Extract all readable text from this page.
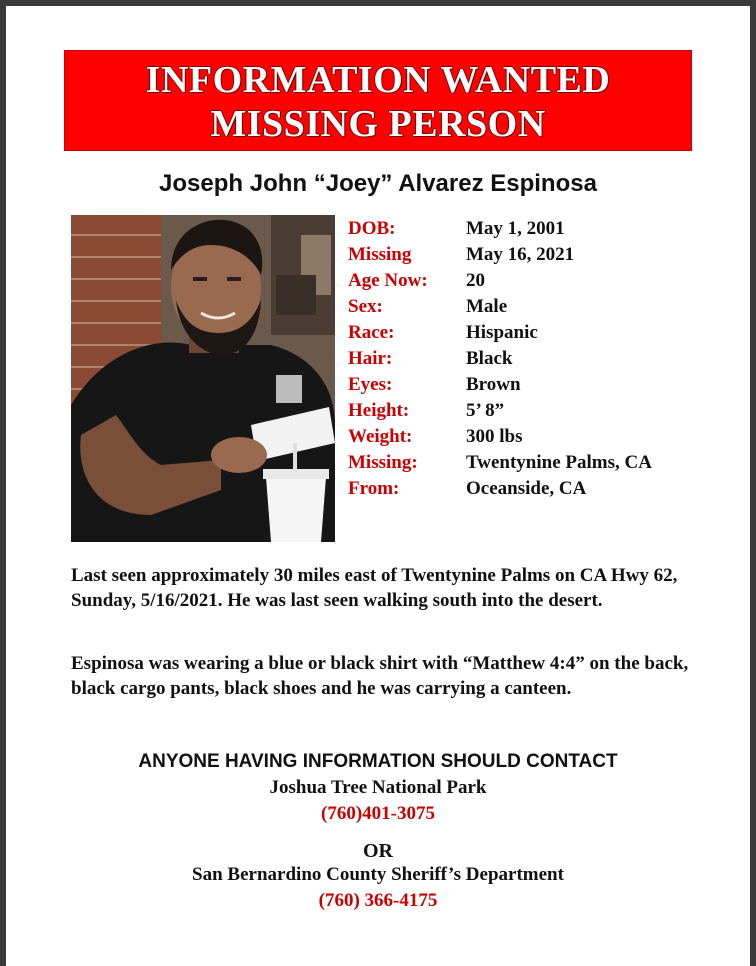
INFORMATION WANTED
MISSING PERSON
Joseph John “Joey” Alvarez Espinosa
DOB:	May 1, 2001
Missing	May 16, 2021
Age Now:	20
Sex:	Male
Race:	Hispanic
Hair:	Black
Eyes:	Brown
Height:	5’ 8”
Weight:	300 lbs
Missing:	Twentynine Palms, CA
From:	Oceanside, CA
Last seen approximately 30 miles east of Twentynine Palms on CA Hwy 62, Sunday, 5/16/2021. He was last seen walking south into the desert.
Espinosa was wearing a blue or black shirt with “Matthew 4:4” on the back, black cargo pants, black shoes and he was carrying a canteen.
ANYONE HAVING INFORMATION SHOULD CONTACT
Joshua Tree National Park
(760)401-3075
OR
San Bernardino County Sheriff’s Department
(760) 366-4175
